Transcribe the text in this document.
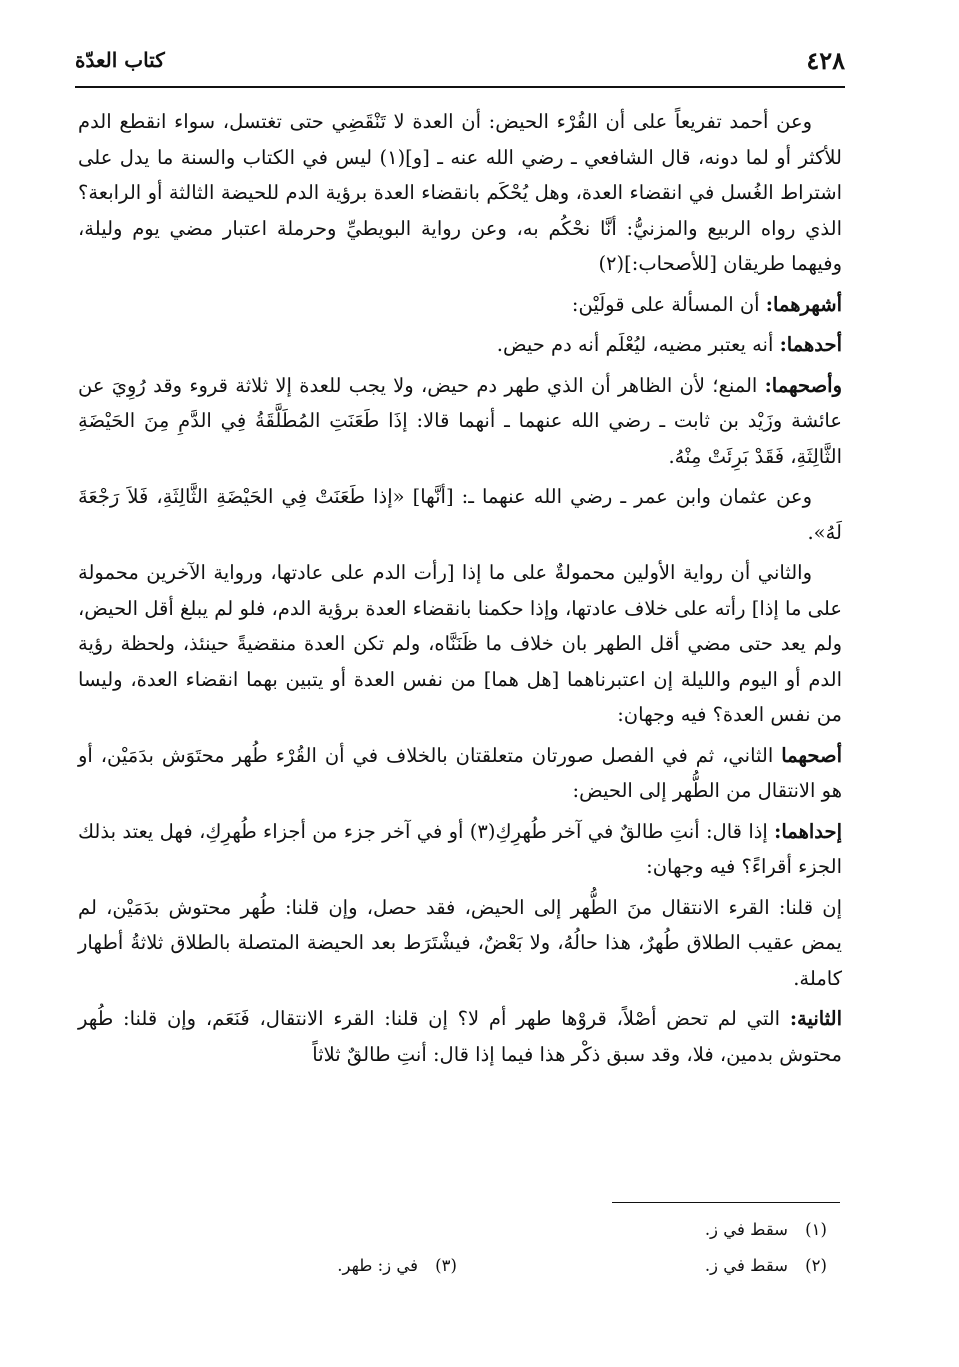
٤٢٨
كتاب العدّة

وعن أحمد تفريعاً على أن القُرْء الحيض: أن العدة لا تَنْقَضِي حتى تغتسل، سواء انقطع الدم للأكثر أو لما دونه، قال الشافعي ـ رضي الله عنه ـ [و](١) ليس في الكتاب والسنة ما يدل على اشتراط الغُسل في انقضاء العدة، وهل يُحْكَم بانقضاء العدة برؤية الدم للحيضة الثالثة أو الرابعة؟ الذي رواه الربيع والمزنيُّ: أنَّا نحْكُم به، وعن رواية البويطيِّ وحرملة اعتبار مضي يوم وليلة، وفيهما طريقان [للأصحاب:](٢)

أشهرهما: أن المسألة على قولَيْن:

أحدهما: أنه يعتبر مضيه، ليُعْلَم أنه دم حيض.

وأصحهما: المنع؛ لأن الظاهر أن الذي طهر دم حيض، ولا يجب للعدة إلا ثلاثة قروء وقد رُوِيَ عن عائشة وزَيْد بن ثابت ـ رضي الله عنهما ـ أنهما قالا: إذَا طَعَنَتِ المُطَلَّقَةُ فِي الدَّمِ مِنَ الحَيْضَةِ الثَّالِثَةِ، فَقَدْ بَرِئَتْ مِنْهُ.

وعن عثمان وابن عمر ـ رضي الله عنهما ـ: [أنَّها] «إذا طَعَنَتْ فِي الحَيْضَةِ الثَّالِثَةِ، فَلاَ رَجْعَةَ لَهُ».

والثاني أن رواية الأولين محمولةٌ على ما إذا [رأت الدم على عادتها، ورواية الآخرين محمولة على ما إذا] رأته على خلاف عادتها، وإذا حكمنا بانقضاء العدة برؤية الدم، فلو لم يبلغ أقل الحيض، ولم يعد حتى مضي أقل الطهر بان خلاف ما ظَنَنَّاه، ولم تكن العدة منقضيةً حينئذ، ولحظة رؤية الدم أو اليوم والليلة إن اعتبرناهما [هل هما] من نفس العدة أو يتبين بهما انقضاء العدة، وليسا من نفس العدة؟ فيه وجهان:

أصحهما الثاني، ثم في الفصل صورتان متعلقتان بالخلاف في أن القُرْء طُهر محتَوَش بدَمَيْن، أو هو الانتقال من الطُّهر إلى الحيض:

إحداهما: إذا قال: أنتِ طالقٌ في آخر طُهرِكِ(٣) أو في آخر جزء من أجزاء طُهرِكِ، فهل يعتد بذلك الجزء أقراءً؟ فيه وجهان:

إن قلنا: القرء الانتقال منَ الطُّهر إلى الحيض، فقد حصل، وإن قلنا: طُهر محتوش بدَمَيْن، لم يمض عقيب الطلاق طُهرٌ، هذا حالُهُ، ولا بَعْضٌ، فيشْتَرَط بعد الحيضة المتصلة بالطلاق ثلاثةُ أطهار كاملة.

الثانية: التي لم تحض أصْلاً، قروْها طهر أم لا؟ إن قلنا: القرء الانتقال، فَنَعَم، وإن قلنا: طُهر محتوش بدمين، فلا، وقد سبق ذكْر هذا فيما إذا قال: أنتِ طالقٌ ثلاثاً

(١)سقط في ز.
(٢)سقط في ز.
(٣)في ز: طهر.
